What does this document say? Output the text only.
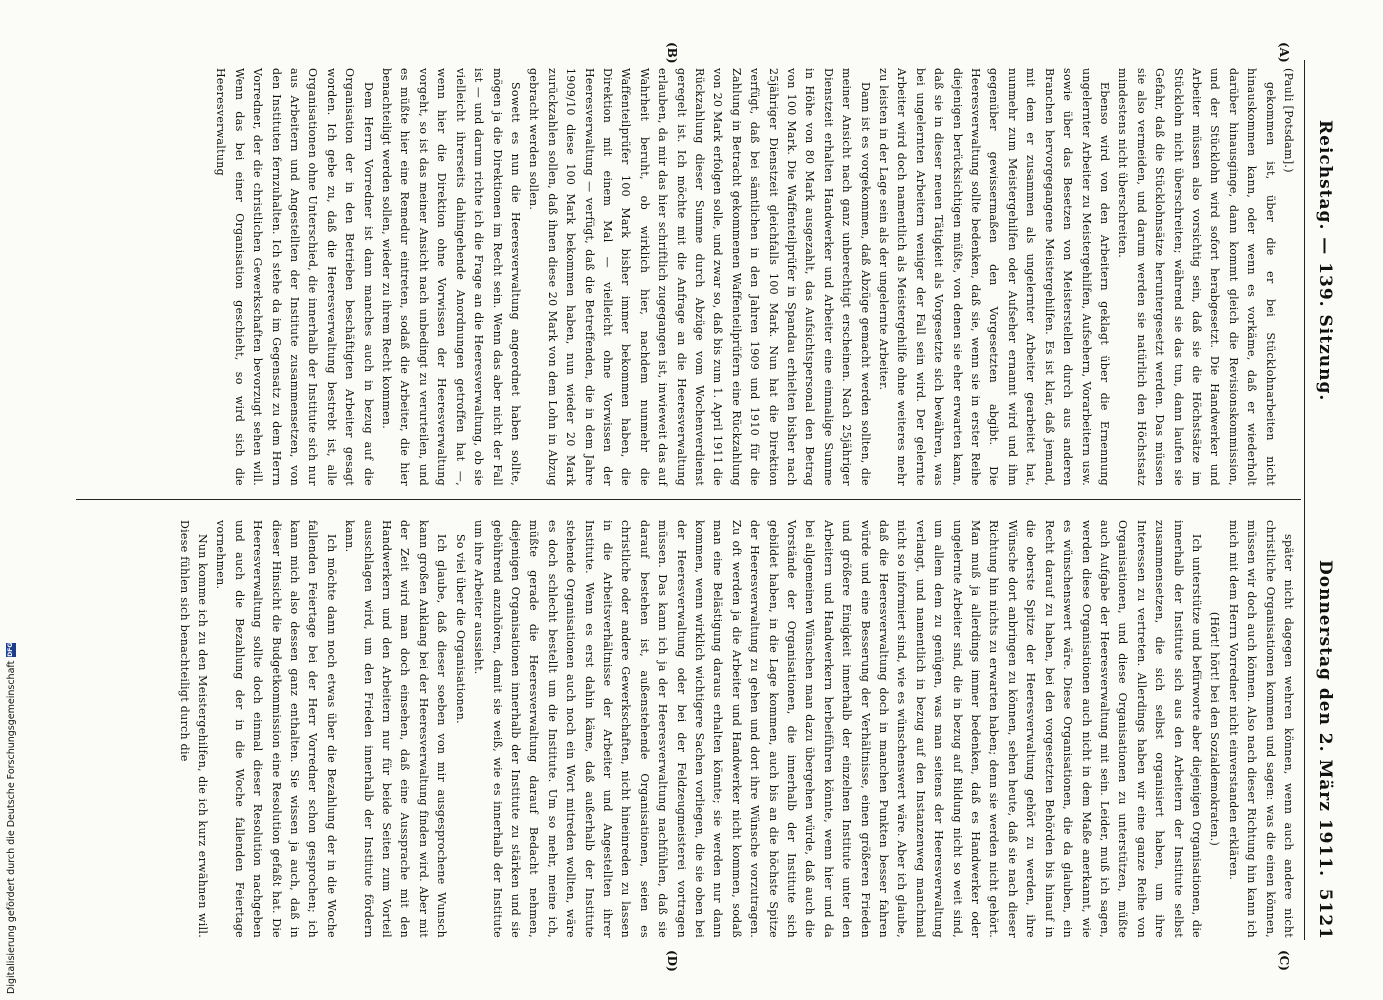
Reichstag. — 139. Sitzung.
Donnerstag den 2. März 1911.
5121
(A)
(B)
(C)
(D)

(Pauli [Potsdam].)

gekommen ist, über die er bei Stücklohnarbeiten nicht hinauskommen kann, oder wenn es vorkäme, daß er wiederholt darüber hinausginge, dann kommt gleich die Revisionskommission, und der Stücklohn wird sofort herabgesetzt. Die Handwerker und Arbeiter müssen also vorsichtig sein, daß sie die Höchstsätze im Stücklohn nicht überschreiten; während sie das tun, dann laufen sie Gefahr, daß die Stücklohnsätze heruntergesetzt werden. Das müssen sie also vermeiden, und darum werden sie natürlich den Höchstsatz mindestens nicht überschreiten.

Ebenso wird von den Arbeitern geklagt über die Ernennung ungelernter Arbeiter zu Meistergehilfen, Aufsehern, Vorarbeitern usw. sowie über das Besetzen von Meisterstellen durch aus anderen Branchen hervorgegangene Meistergehilfen. Es ist klar, daß jemand, mit dem er zusammen als ungelernter Arbeiter gearbeitet hat, nunmehr zum Meistergehilfen oder Aufseher ernannt wird und ihm gegenüber gewissermaßen den Vorgesetzten abgibt. Die Heeresverwaltung sollte bedenken, daß sie, wenn sie in erster Reihe diejenigen berücksichtigen müßte, von denen sie eher erwarten kann, daß sie in dieser neuen Tätigkeit als Vorgesetzte sich bewähren, was bei ungelernten Arbeitern weniger der Fall sein wird. Der gelernte Arbeiter wird doch namentlich als Meistergehilfe ohne weiteres mehr zu leisten in der Lage sein als der ungelernte Arbeiter.

Dann ist es vorgekommen, daß Abzüge gemacht werden sollten, die meiner Ansicht nach ganz unberechtigt erscheinen. Nach 25jähriger Dienstzeit erhalten Handwerker und Arbeiter eine einmalige Summe in Höhe von 80 Mark ausgezahlt, das Aufsichtspersonal den Betrag von 100 Mark. Die Waffenteilprüfer in Spandau erhielten bisher nach 25jähriger Dienstzeit gleichfalls 100 Mark. Nun hat die Direktion verfügt, daß bei sämtlichen in den Jahren 1909 und 1910 für die Zahlung in Betracht gekommenen Waffenteilprüfern eine Rückzahlung von 20 Mark erfolgen solle, und zwar so, daß bis zum 1. April 1911 die Rückzahlung dieser Summe durch Abzüge vom Wochenverdienst geregelt ist. Ich möchte mit die Anfrage an die Heeresverwaltung erlauben, da mir das hier schriftlich zugegangen ist, inwieweit das auf Wahrheit beruht, ob wirklich hier, nachdem nunmehr die Waffenteilprüfer 100 Mark bisher immer bekommen haben, die Direktion mit einem Mal — vielleicht ohne Vorwissen der Heeresverwaltung — verfügt, daß die Betreffenden, die in dem Jahre 1909/10 diese 100 Mark bekommen haben, nun wieder 20 Mark zurückzahlen sollen, daß ihnen diese 20 Mark von dem Lohn in Abzug gebracht werden sollen.

Sowett es nun die Heeresverwaltung angeordnet haben sollte, mögen ja die Direktionen im Recht sein. Wenn das aber nicht der Fall ist — und darum richte ich die Frage an die Heeresverwaltung, ob sie vielleicht ihrerseits dahingehende Anordnungen getroffen hat —, wenn hier die Direktion ohne Vorwissen der Heeresverwaltung vorgeht, so ist das meiner Ansicht nach unbedingt zu verurteilen, und es müßte hier eine Remedur eintreten, sodaß die Arbeiter, die hier benachteiligt werden sollen, wieder zu ihrem Recht kommen.

Dem Herrn Vorredner ist dann manches auch in bezug auf die Organisation der in den Betrieben beschäftigten Arbeiter gesagt worden. Ich gebe zu, daß die Heeresverwaltung bestrebt ist, alle Organisationen ohne Unterschied, die innerhalb der Institute sich nur aus Arbeitern und Angestellten der Institute zusammensetzen, von den Instituten fernzuhalten. Ich stehe da im Gegensatz zu dem Herrn Vorredner, der die christlichen Gewerkschaften bevorzugt sehen will. Wenn das bei einer Organisation geschieht, so wird sich die Heeresverwaltung

später nicht dagegen wehren können, wenn auch andere nicht christliche Organisationen kommen und sagen: was die einen können, müssen wir doch auch können. Also nach dieser Richtung hin kann ich mich mit dem Herrn Vorredner nicht einverstanden erklären.

(Hört! hört! bei den Sozialdemokraten.)

Ich unterstütze und befürworte aber diejenigen Organisationen, die innerhalb der Institute sich aus den Arbeitern der Institute selbst zusammensetzen, die sich selbst organisiert haben, um ihre Interessen zu vertreten. Allerdings haben wir eine ganze Reihe von Organisationen, und diese Organisationen zu unterstützen, müßte auch Aufgabe der Heeresverwaltung mit sein. Leider, muß ich sagen, werden diese Organisationen auch nicht in dem Maße anerkannt, wie es wünschenswert wäre. Diese Organisationen, die da glauben, ein Recht darauf zu haben, bei den vorgesetzten Behörden bis hinauf in die oberste Spitze der Heeresverwaltung gehört zu werden, ihre Wünsche dort anbringen zu können, sehen heute, daß sie nach dieser Richtung hin nichts zu erwarten haben; denn sie werden nicht gehört. Man muß ja allerdings immer bedenken, daß es Handwerker oder ungelernte Arbeiter sind, die in bezug auf Bildung nicht so weit sind, um allem dem zu genügen, was man seitens der Heeresverwaltung verlangt, und namentlich in bezug auf den Instanzenweg manchmal nicht so informiert sind, wie es wünschenswert wäre. Aber ich glaube, daß die Heeresverwaltung doch in manchen Punkten besser fahren würde und eine Besserung der Verhältnisse, einen größeren Frieden und größere Einigkeit innerhalb der einzelnen Institute unter den Arbeitern und Handwerkern herbeiführen könnte, wenn hier und da bei allgemeinen Wünschen man dazu übergehen würde, daß auch die Vorstände der Organisationen, die innerhalb der Institute sich gebildet haben, in die Lage kommen, auch bis an die höchste Spitze der Heeresverwaltung zu gehen und dort ihre Wünsche vorzutragen. Zu oft werden ja die Arbeiter und Handwerker nicht kommen, sodaß man eine Belästigung daraus erhalten könnte; sie werden nur dann kommen, wenn wirklich wichtigere Sachen vorliegen, die sie oben bei der Heeresverwaltung oder bei der Feldzeugmeisterei vortragen müssen. Das kann ich ja der Heeresverwaltung nachfühlen, daß sie darauf bestehen ist, außenstehende Organisationen, seien es christliche oder andere Gewerkschaften, nicht hineinreden zu lassen in die Arbeitsverhältnisse der Arbeiter und Angestellten ihrer Institute. Wenn es erst dahin käme, daß außerhalb der Institute stehende Organisationen auch noch ein Wort mitreden wollten, wäre es doch schlecht bestellt um die Institute. Um so mehr, meine ich, müßte gerade die Heeresverwaltung darauf Bedacht nehmen, diejenigen Organisationen innerhalb der Institute zu stärken und sie gebührend anzuhören, damit sie weiß, wie es innerhalb der Institute um ihre Arbeiter aussieht.

So viel über die Organisationen.

Ich glaube, daß dieser soeben von mir ausgesprochene Wunsch kann großen Anklang bei der Heeresverwaltung finden wird. Aber mit der Zeit wird man doch einsehen, daß eine Aussprache mit den Handwerkern und den Arbeitern nur für beide Seiten zum Vorteil ausschlagen wird, um den Frieden innerhalb der Institute fördern kann.

Ich möchte dann noch etwas über die Bezahlung der in die Woche fallenden Feiertage bei der Herr Vorredner schon gesprochen; ich kann mich also dessen ganz enthalten. Sie wissen ja auch, daß in dieser Hinsicht die Budgetkommission eine Resolution gefaßt hat. Die Heeresverwaltung sollte doch einmal dieser Resolution nachgeben und auch die Bezahlung der in die Woche fallenden Feiertage vornehmen.

Nun komme ich zu den Meistergehilfen, die ich kurz erwähnen will. Diese fühlen sich benachteiligt durch die

Digitalisierung gefördert durch die Deutsche Forschungsgemeinschaft
DFG
